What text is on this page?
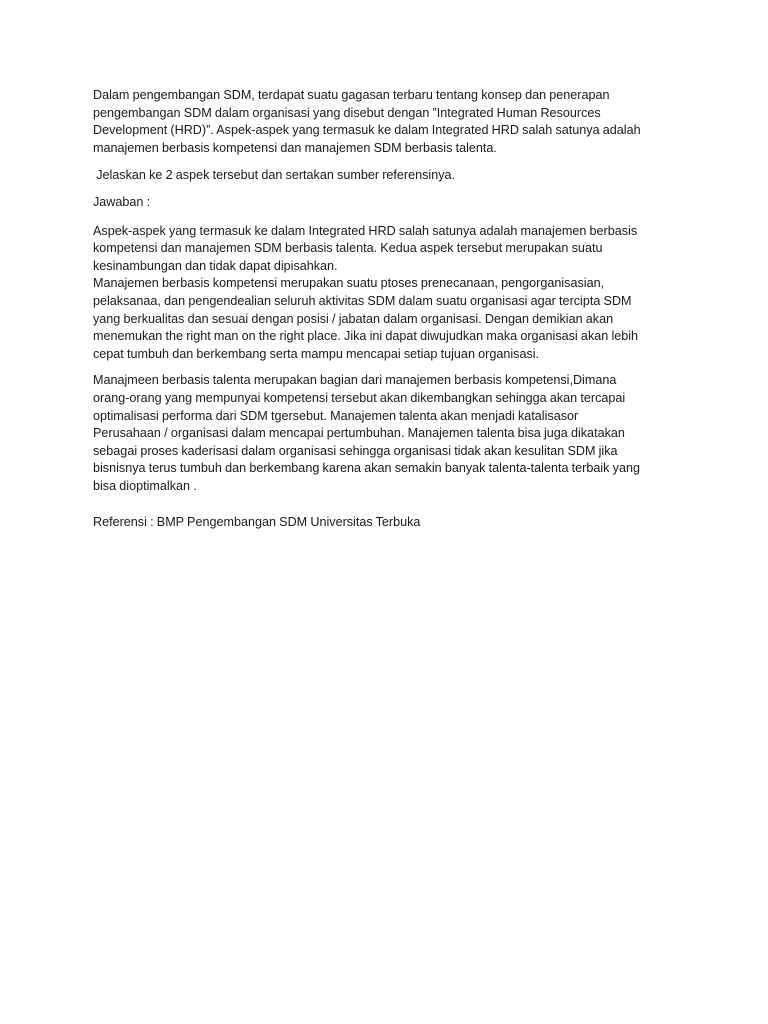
Dalam pengembangan SDM, terdapat suatu gagasan terbaru tentang konsep dan penerapan
pengembangan SDM dalam organisasi yang disebut dengan ”Integrated Human Resources
Development (HRD)”. Aspek-aspek yang termasuk ke dalam Integrated HRD salah satunya adalah
manajemen berbasis kompetensi dan manajemen SDM berbasis talenta.

Jelaskan ke 2 aspek tersebut dan sertakan sumber referensinya.

Jawaban :

Aspek-aspek yang termasuk ke dalam Integrated HRD salah satunya adalah manajemen berbasis
kompetensi dan manajemen SDM berbasis talenta. Kedua aspek tersebut merupakan suatu
kesinambungan dan tidak dapat dipisahkan.
Manajemen berbasis kompetensi merupakan suatu ptoses prenecanaan, pengorganisasian,
pelaksanaa, dan pengendealian seluruh aktivitas SDM dalam suatu organisasi agar tercipta SDM
yang berkualitas dan sesuai dengan posisi / jabatan dalam organisasi. Dengan demikian akan
menemukan the right man on the right place. Jika ini dapat diwujudkan maka organisasi akan lebih
cepat tumbuh dan berkembang serta mampu mencapai setiap tujuan organisasi.

Manajmeen berbasis talenta merupakan bagian dari manajemen berbasis kompetensi,Dimana
orang-orang yang mempunyai kompetensi tersebut akan dikembangkan sehingga akan tercapai
optimalisasi performa dari SDM tgersebut. Manajemen talenta akan menjadi katalisasor
Perusahaan / organisasi dalam mencapai pertumbuhan. Manajemen talenta bisa juga dikatakan
sebagai proses kaderisasi dalam organisasi sehingga organisasi tidak akan kesulitan SDM jika
bisnisnya terus tumbuh dan berkembang karena akan semakin banyak talenta-talenta terbaik yang
bisa dioptimalkan .

Referensi : BMP Pengembangan SDM Universitas Terbuka
